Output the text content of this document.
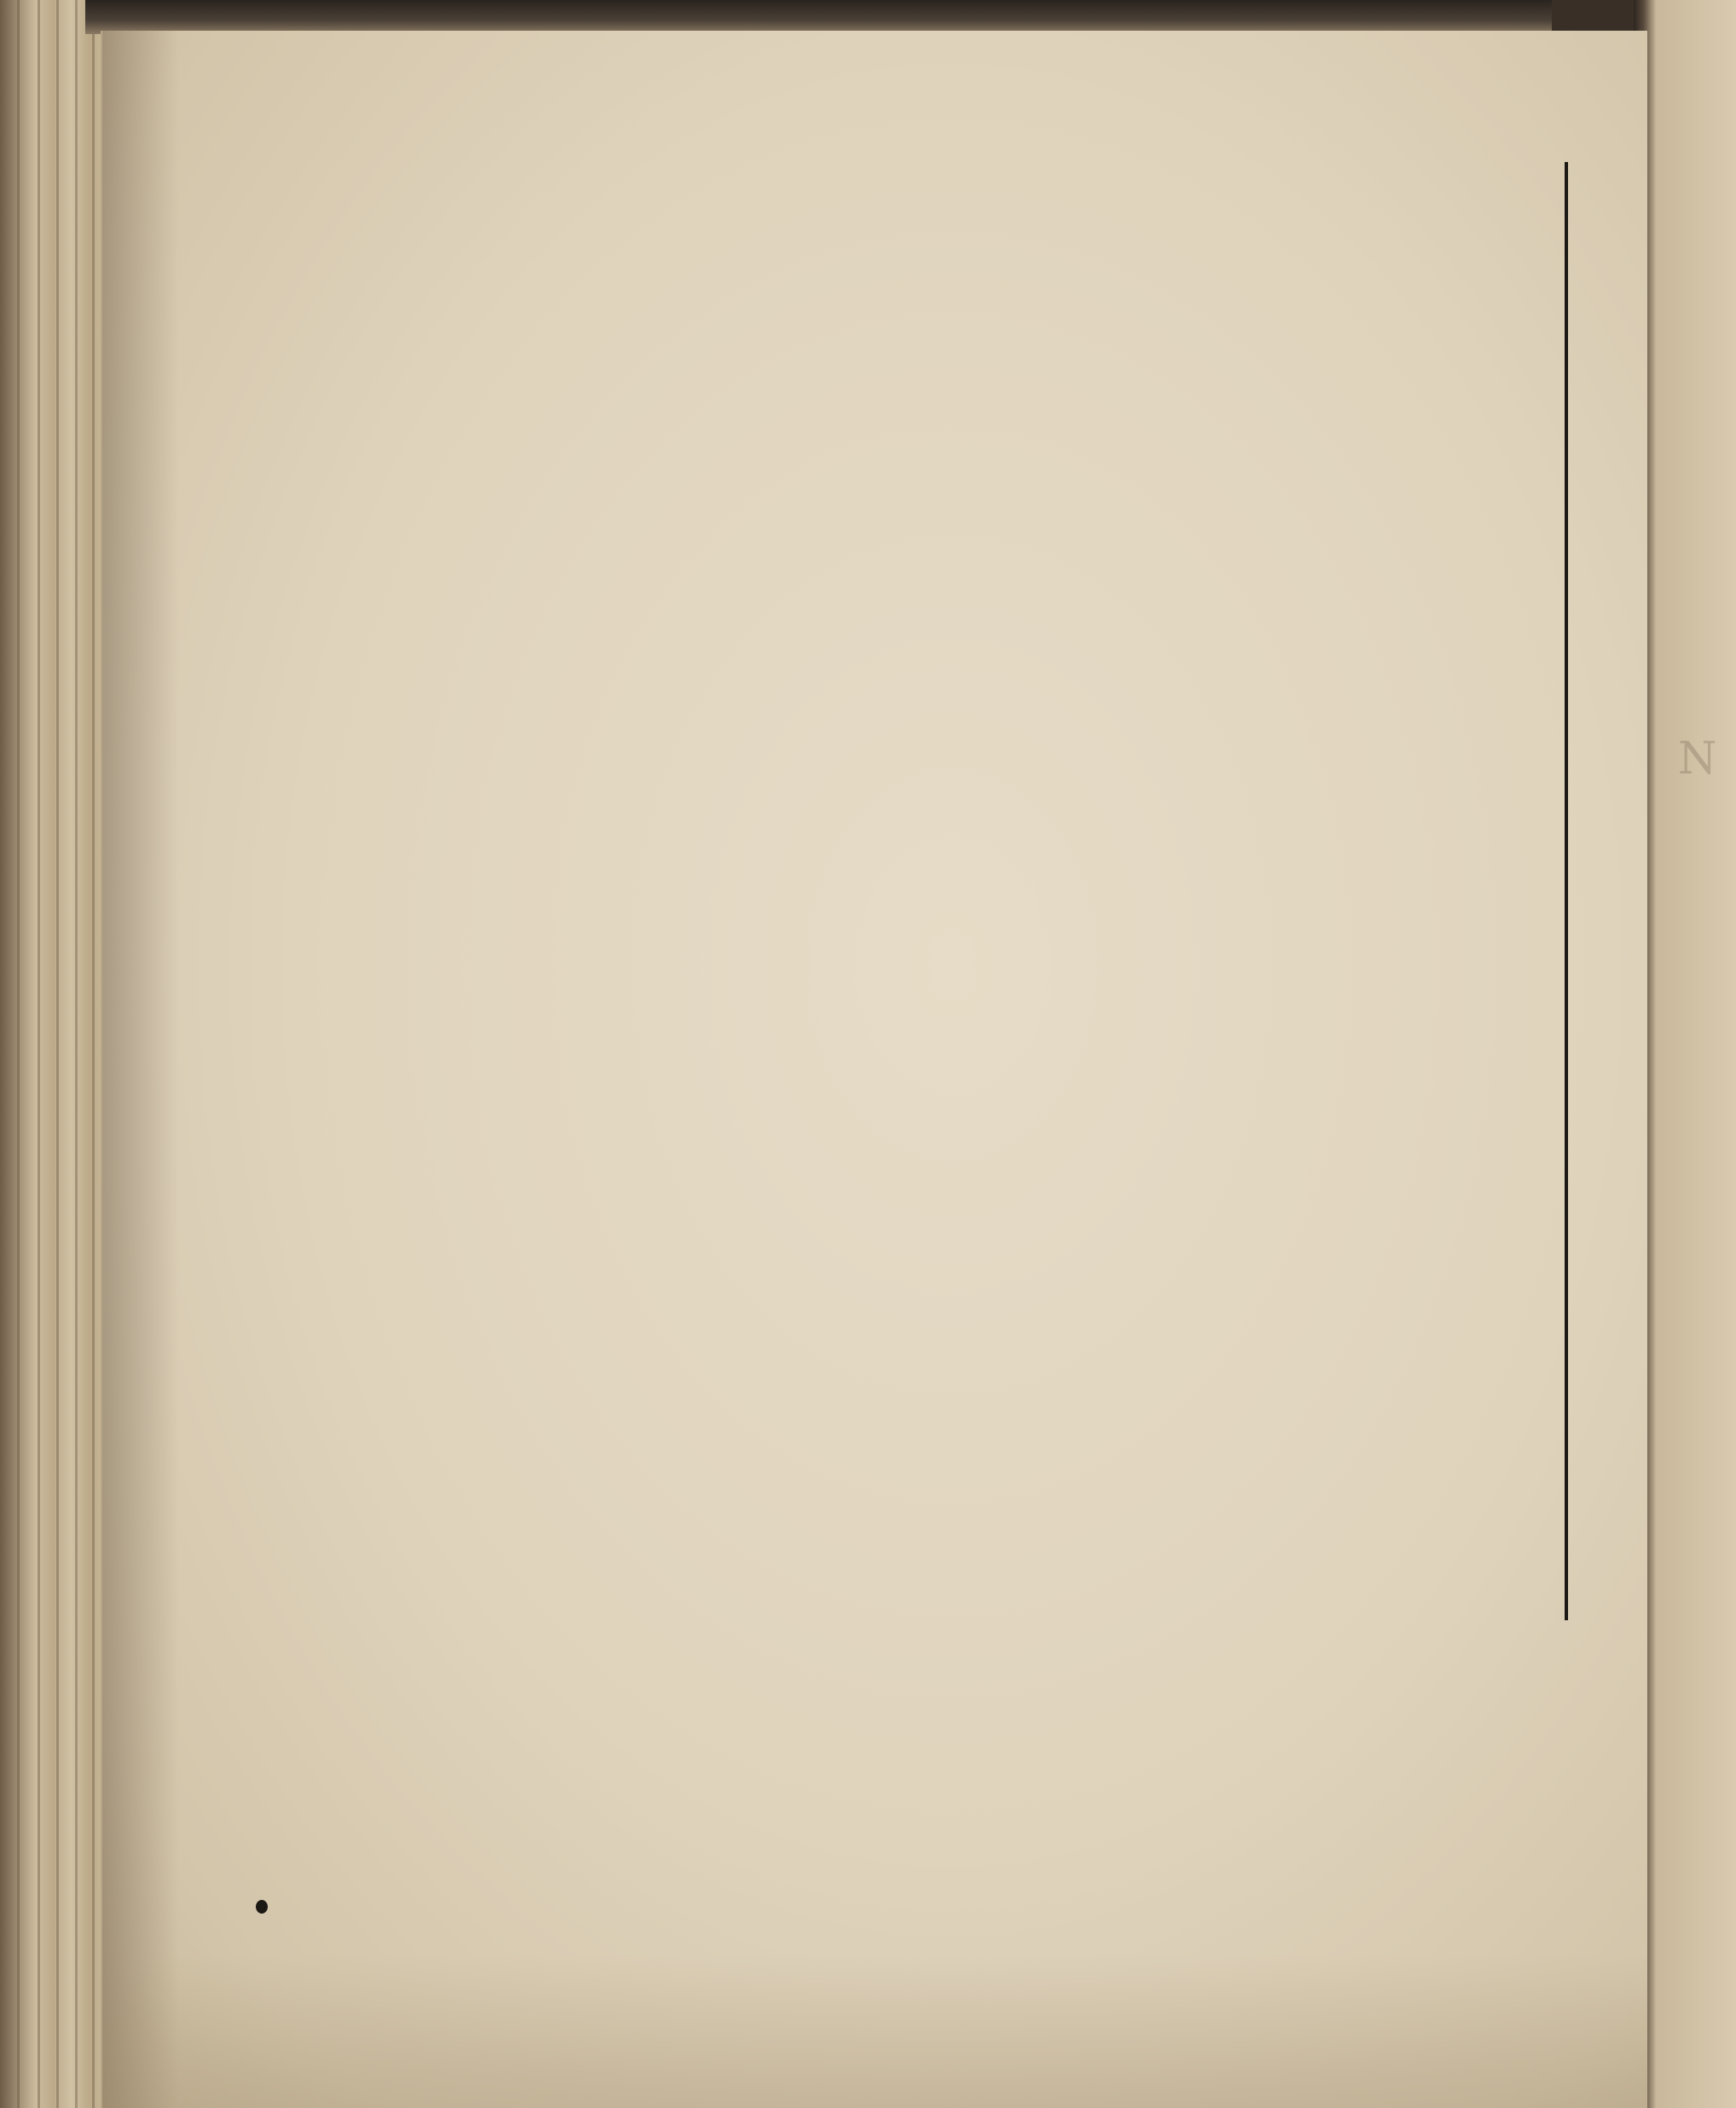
N
